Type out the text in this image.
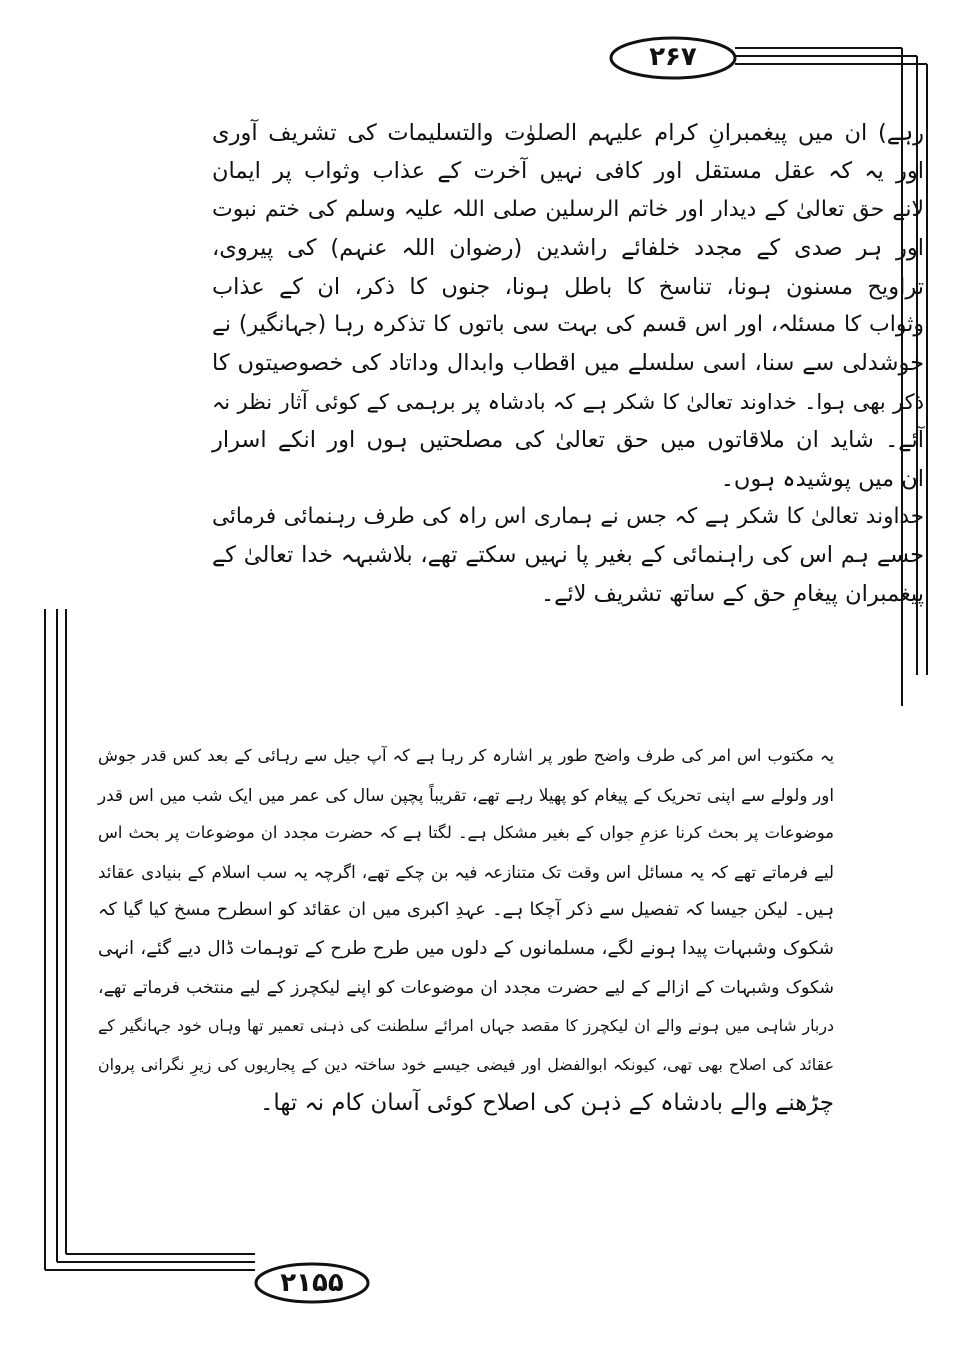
۲۶۷
۲۱۵۵
رہے) ان میں پیغمبرانِ کرام علیہم الصلوٰت والتسلیمات کی تشریف آوری
اور یہ کہ عقل مستقل اور کافی نہیں آخرت کے عذاب وثواب پر ایمان
لانے حق تعالیٰ کے دیدار اور خاتم الرسلین صلی اللہ علیہ وسلم کی ختم نبوت
اور ہر صدی کے مجدد خلفائے راشدین (رضوان اللہ عنہم) کی پیروی،
تراویح مسنون ہونا، تناسخ کا باطل ہونا، جنوں کا ذکر، ان کے عذاب
وثواب کا مسئلہ، اور اس قسم کی بہت سی باتوں کا تذکرہ رہا (جہانگیر) نے
خوشدلی سے سنا، اسی سلسلے میں اقطاب وابدال وداتاد کی خصوصیتوں کا
ذکر بھی ہوا۔ خداوند تعالیٰ کا شکر ہے کہ بادشاہ پر برہمی کے کوئی آثار نظر نہ
آئے۔ شاید ان ملاقاتوں میں حق تعالیٰ کی مصلحتیں ہوں اور انکے اسرار
ان میں پوشیدہ ہوں۔
خداوند تعالیٰ کا شکر ہے کہ جس نے ہماری اس راہ کی طرف رہنمائی فرمائی
جسے ہم اس کی راہنمائی کے بغیر پا نہیں سکتے تھے، بلاشبہہ خدا تعالیٰ کے
پیغمبران پیغامِ حق کے ساتھ تشریف لائے۔
یہ مکتوب اس امر کی طرف واضح طور پر اشارہ کر رہا ہے کہ آپ جیل سے رہائی کے بعد کس قدر جوش
اور ولولے سے اپنی تحریک کے پیغام کو پھیلا رہے تھے، تقریباً پچپن سال کی عمر میں ایک شب میں اس قدر
موضوعات پر بحث کرنا عزمِ جواں کے بغیر مشکل ہے۔ لگتا ہے کہ حضرت مجدد ان موضوعات پر بحث اس
لیے فرماتے تھے کہ یہ مسائل اس وقت تک متنازعہ فیہ بن چکے تھے، اگرچہ یہ سب اسلام کے بنیادی عقائد
ہیں۔ لیکن جیسا کہ تفصیل سے ذکر آچکا ہے۔ عہدِ اکبری میں ان عقائد کو اسطرح مسخ کیا گیا کہ
شکوک وشبہات پیدا ہونے لگے، مسلمانوں کے دلوں میں طرح طرح کے توہمات ڈال دیے گئے، انہی
شکوک وشبہات کے ازالے کے لیے حضرت مجدد ان موضوعات کو اپنے لیکچرز کے لیے منتخب فرماتے تھے،
دربار شاہی میں ہونے والے ان لیکچرز کا مقصد جہاں امرائے سلطنت کی ذہنی تعمیر تھا وہاں خود جہانگیر کے
عقائد کی اصلاح بھی تھی، کیونکہ ابوالفضل اور فیضی جیسے خود ساختہ دین کے پجاریوں کی زیرِ نگرانی پروان
چڑھنے والے بادشاہ کے ذہن کی اصلاح کوئی آسان کام نہ تھا۔
